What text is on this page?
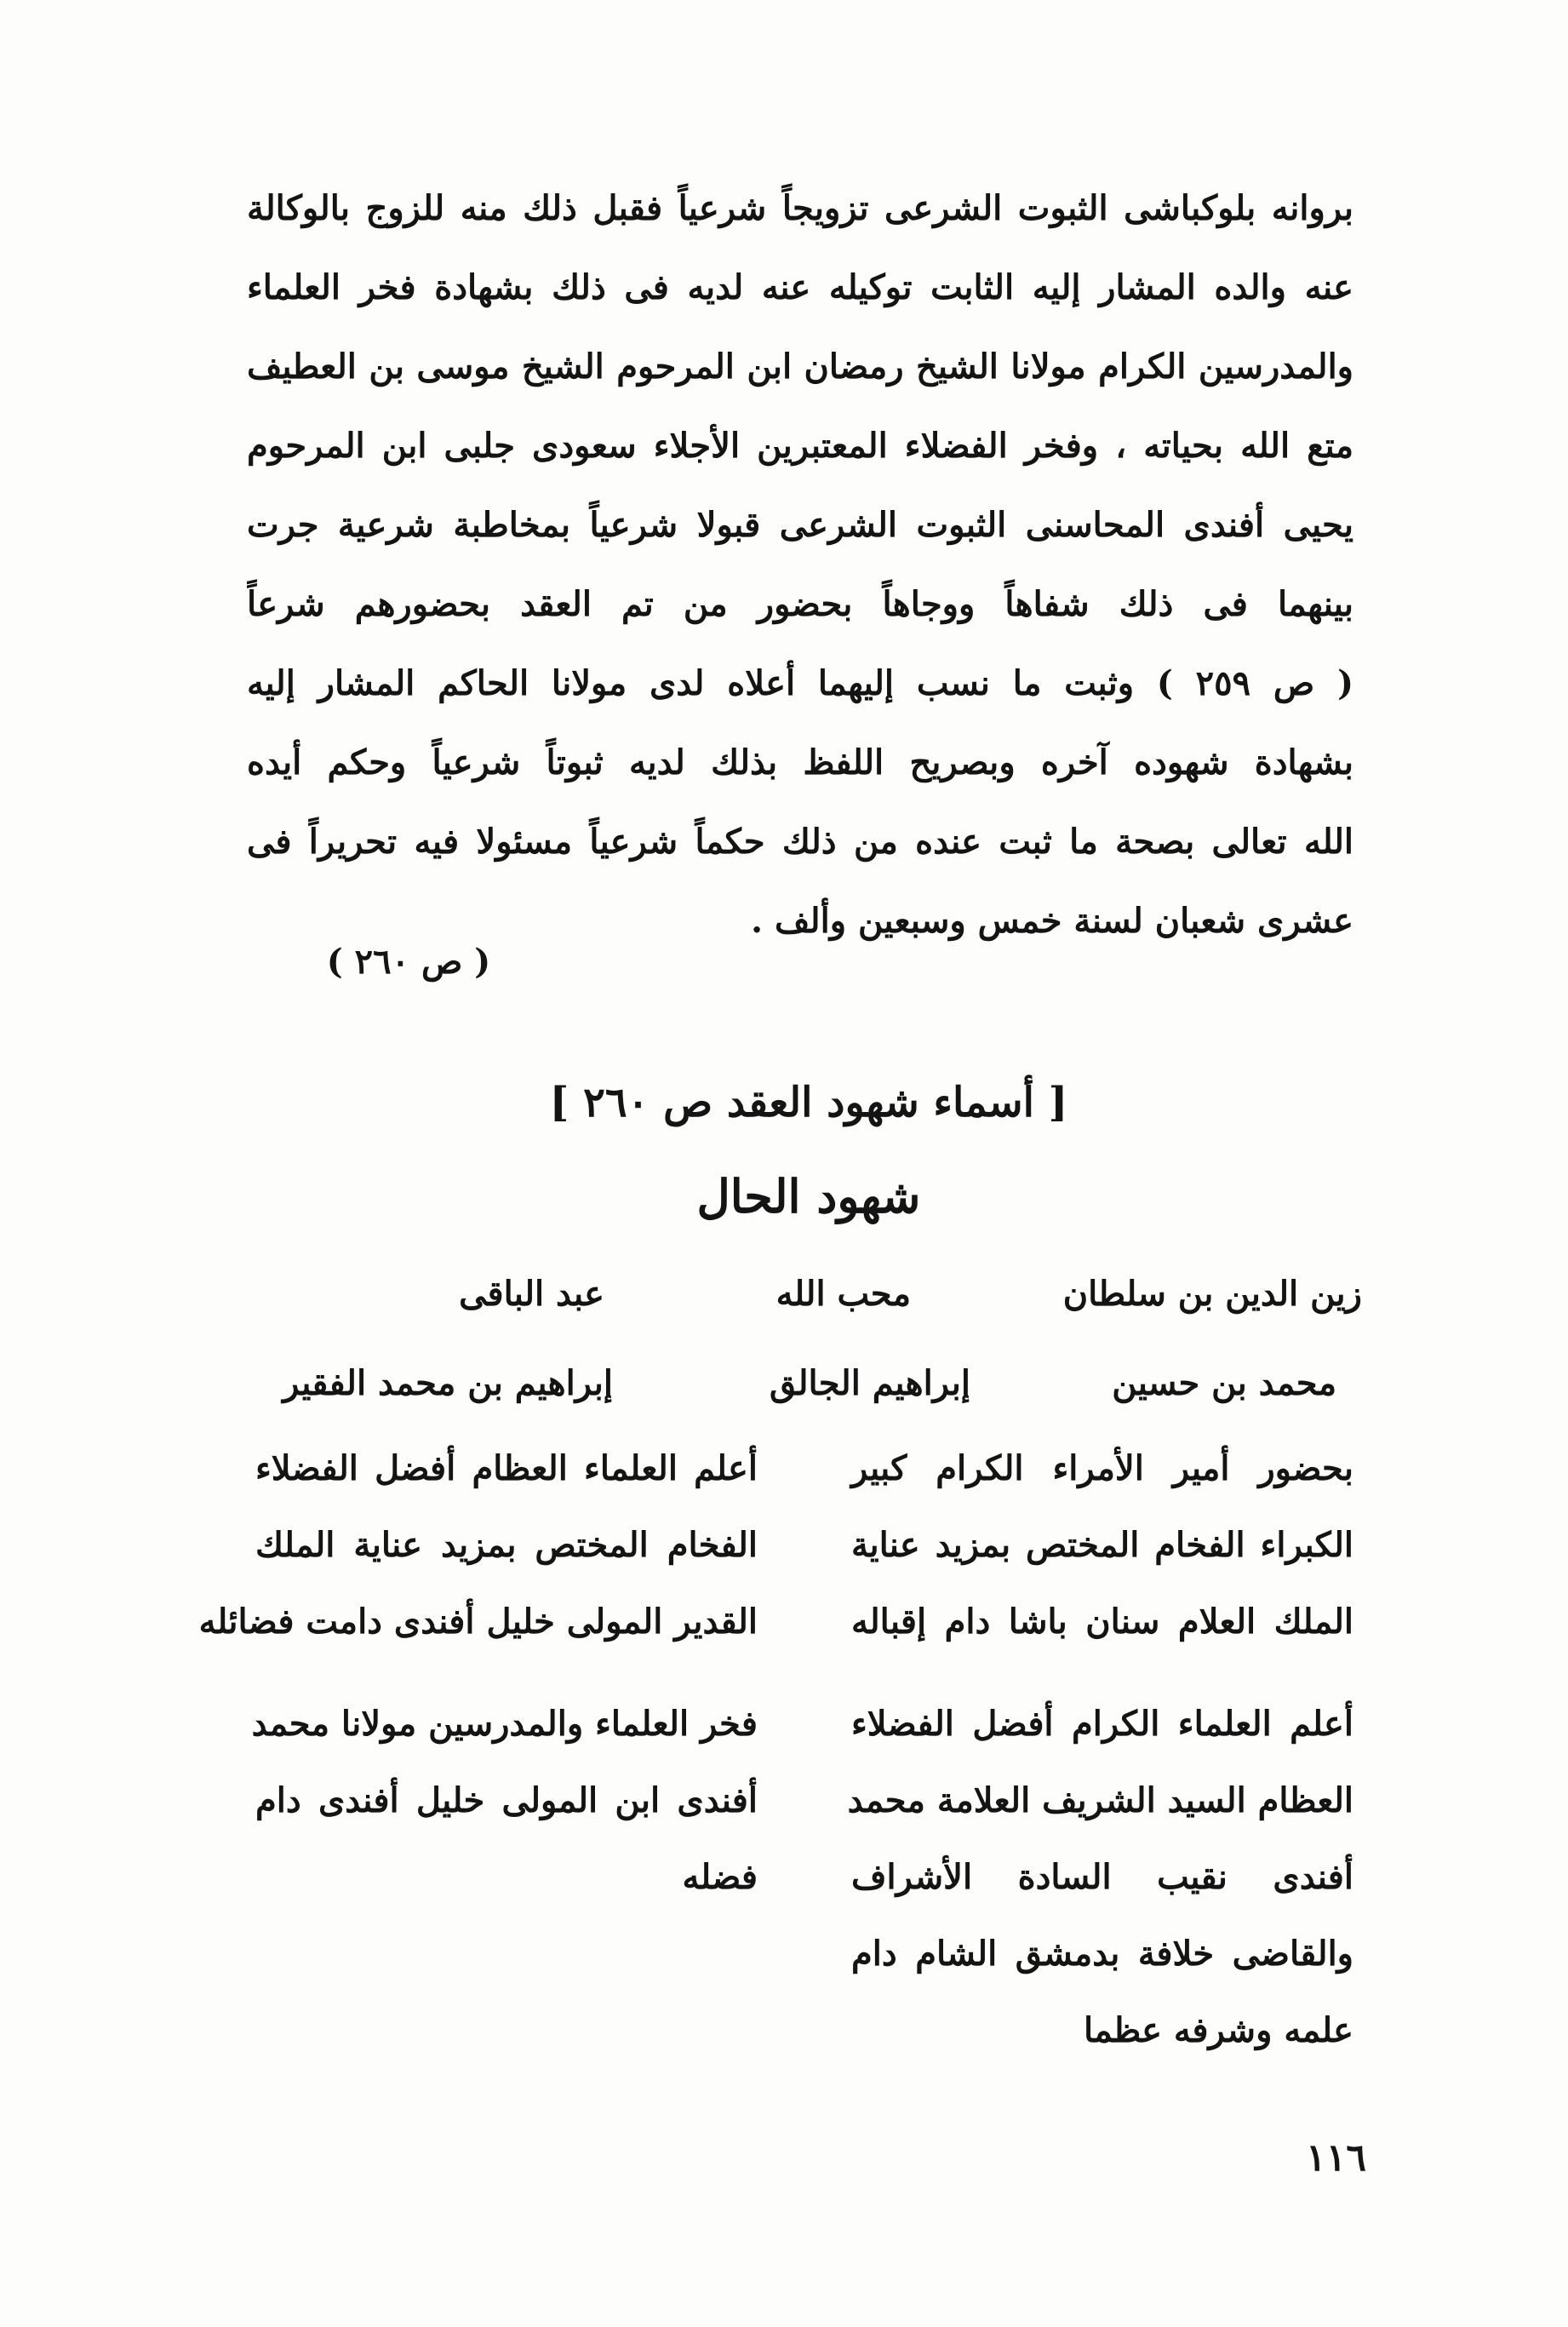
بروانه بلوكباشى الثبوت الشرعى تزويجاً شرعياً فقبل ذلك منه للزوج بالوكالة
عنه والده المشار إليه الثابت توكيله عنه لديه فى ذلك بشهادة فخر العلماء
والمدرسين الكرام مولانا الشيخ رمضان ابن المرحوم الشيخ موسى بن العطيف
متع الله بحياته ، وفخر الفضلاء المعتبرين الأجلاء سعودى جلبى ابن المرحوم
يحيى أفندى المحاسنى الثبوت الشرعى قبولا شرعياً بمخاطبة شرعية جرت
بينهما فى ذلك شفاهاً ووجاهاً بحضور من تم العقد بحضورهم شرعاً
( ص ٢٥٩ ) وثبت ما نسب إليهما أعلاه لدى مولانا الحاكم المشار إليه
بشهادة شهوده آخره وبصريح اللفظ بذلك لديه ثبوتاً شرعياً وحكم أيده
الله تعالى بصحة ما ثبت عنده من ذلك حكماً شرعياً مسئولا فيه تحريراً فى
عشرى شعبان لسنة خمس وسبعين وألف .
( ص ٢٦٠ )
[ أسماء شهود العقد ص ٢٦٠ ]
شهود الحال
زين الدين بن سلطان
محب الله
عبد الباقى
محمد بن حسين
إبراهيم الجالق
إبراهيم بن محمد الفقير
بحضور أمير الأمراء الكرام كبير
الكبراء الفخام المختص بمزيد عناية
الملك العلام سنان باشا دام إقباله
أعلم العلماء العظام أفضل الفضلاء
الفخام المختص بمزيد عناية الملك
القدير المولى خليل أفندى دامت فضائله
أعلم العلماء الكرام أفضل الفضلاء
العظام السيد الشريف العلامة محمد
أفندى نقيب السادة الأشراف
والقاضى خلافة بدمشق الشام دام
علمه وشرفه عظما
فخر العلماء والمدرسين مولانا محمد
أفندى ابن المولى خليل أفندى دام
فضله
١١٦
